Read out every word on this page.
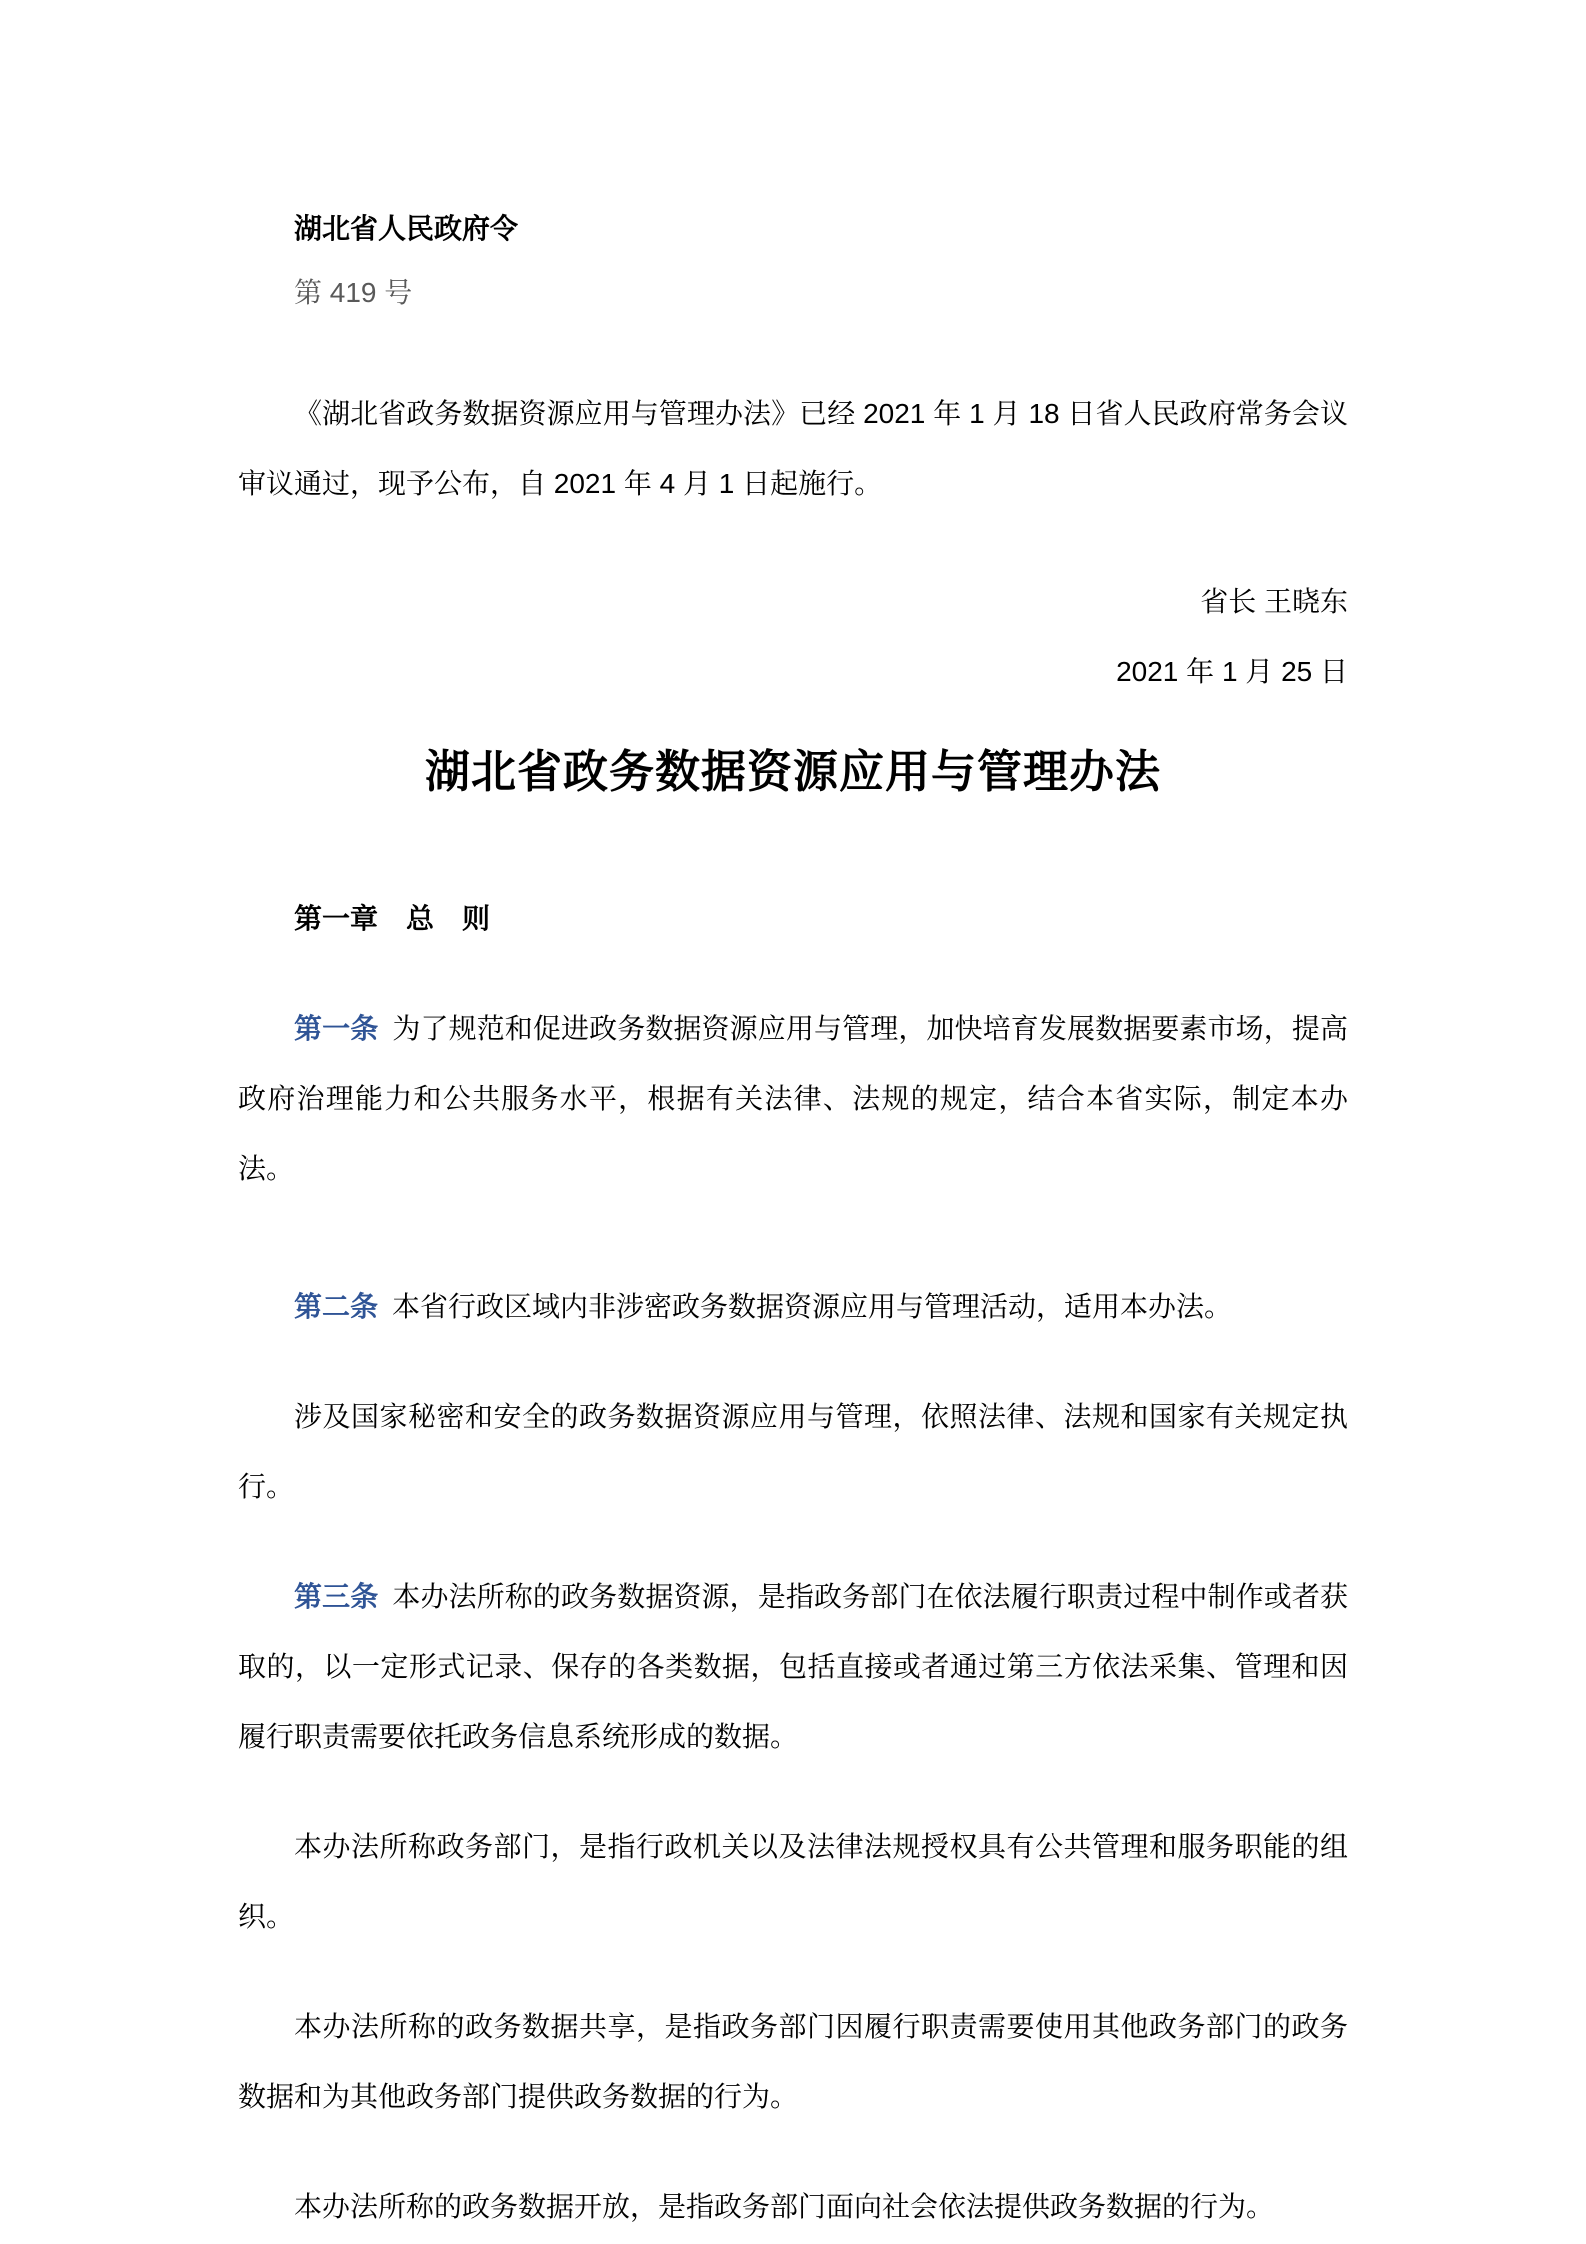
湖北省人民政府令
第 419 号

《湖北省政务数据资源应用与管理办法》已经 2021 年 1 月 18 日省人民政府常务会议审议通过，现予公布，自 2021 年 4 月 1 日起施行。

省长 王晓东
2021 年 1 月 25 日
湖北省政务数据资源应用与管理办法
第一章　总　则

第一条 为了规范和促进政务数据资源应用与管理，加快培育发展数据要素市场，提高政府治理能力和公共服务水平，根据有关法律、法规的规定，结合本省实际，制定本办法。

第二条 本省行政区域内非涉密政务数据资源应用与管理活动，适用本办法。

涉及国家秘密和安全的政务数据资源应用与管理，依照法律、法规和国家有关规定执行。

第三条 本办法所称的政务数据资源，是指政务部门在依法履行职责过程中制作或者获取的，以一定形式记录、保存的各类数据，包括直接或者通过第三方依法采集、管理和因履行职责需要依托政务信息系统形成的数据。

本办法所称政务部门，是指行政机关以及法律法规授权具有公共管理和服务职能的组织。

本办法所称的政务数据共享，是指政务部门因履行职责需要使用其他政务部门的政务数据和为其他政务部门提供政务数据的行为。

本办法所称的政务数据开放，是指政务部门面向社会依法提供政务数据的行为。
